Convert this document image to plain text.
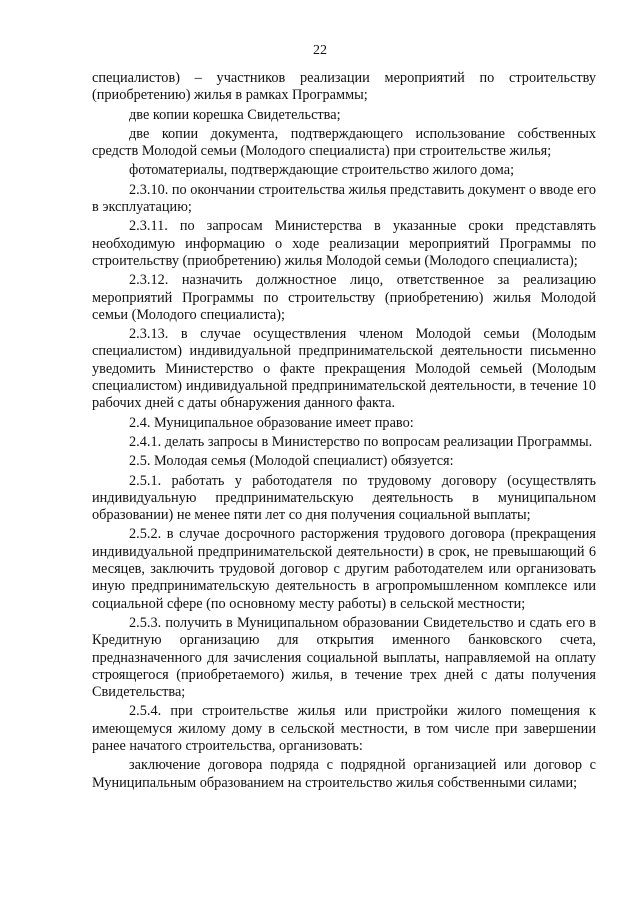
22

специалистов) – участников реализации мероприятий по строительству (приобретению) жилья в рамках Программы;

две копии корешка Свидетельства;

две копии документа, подтверждающего использование собственных средств Молодой семьи (Молодого специалиста) при строительстве жилья;

фотоматериалы, подтверждающие строительство жилого дома;

2.3.10. по окончании строительства жилья представить документ о вводе его в эксплуатацию;

2.3.11. по запросам Министерства в указанные сроки представлять необходимую информацию о ходе реализации мероприятий Программы по строительству (приобретению) жилья Молодой семьи (Молодого специалиста);

2.3.12. назначить должностное лицо, ответственное за реализацию мероприятий Программы по строительству (приобретению) жилья Молодой семьи (Молодого специалиста);

2.3.13. в случае осуществления членом Молодой семьи (Молодым специалистом) индивидуальной предпринимательской деятельности письменно уведомить Министерство о факте прекращения Молодой семьей (Молодым специалистом) индивидуальной предпринимательской деятельности, в течение 10 рабочих дней с даты обнаружения данного факта.

2.4. Муниципальное образование имеет право:

2.4.1. делать запросы в Министерство по вопросам реализации Программы.

2.5. Молодая семья (Молодой специалист) обязуется:

2.5.1. работать у работодателя по трудовому договору (осуществлять индивидуальную предпринимательскую деятельность в муниципальном образовании) не менее пяти лет со дня получения социальной выплаты;

2.5.2. в случае досрочного расторжения трудового договора (прекращения индивидуальной предпринимательской деятельности) в срок, не превышающий 6 месяцев, заключить трудовой договор с другим работодателем или организовать иную предпринимательскую деятельность в агропромышленном комплексе или социальной сфере (по основному месту работы) в сельской местности;

2.5.3. получить в Муниципальном образовании Свидетельство и сдать его в Кредитную организацию для открытия именного банковского счета, предназначенного для зачисления социальной выплаты, направляемой на оплату строящегося (приобретаемого) жилья, в течение трех дней с даты получения Свидетельства;

2.5.4. при строительстве жилья или пристройки жилого помещения к имеющемуся жилому дому в сельской местности, в том числе при завершении ранее начатого строительства, организовать:

заключение договора подряда с подрядной организацией или договор с Муниципальным образованием на строительство жилья собственными силами;
